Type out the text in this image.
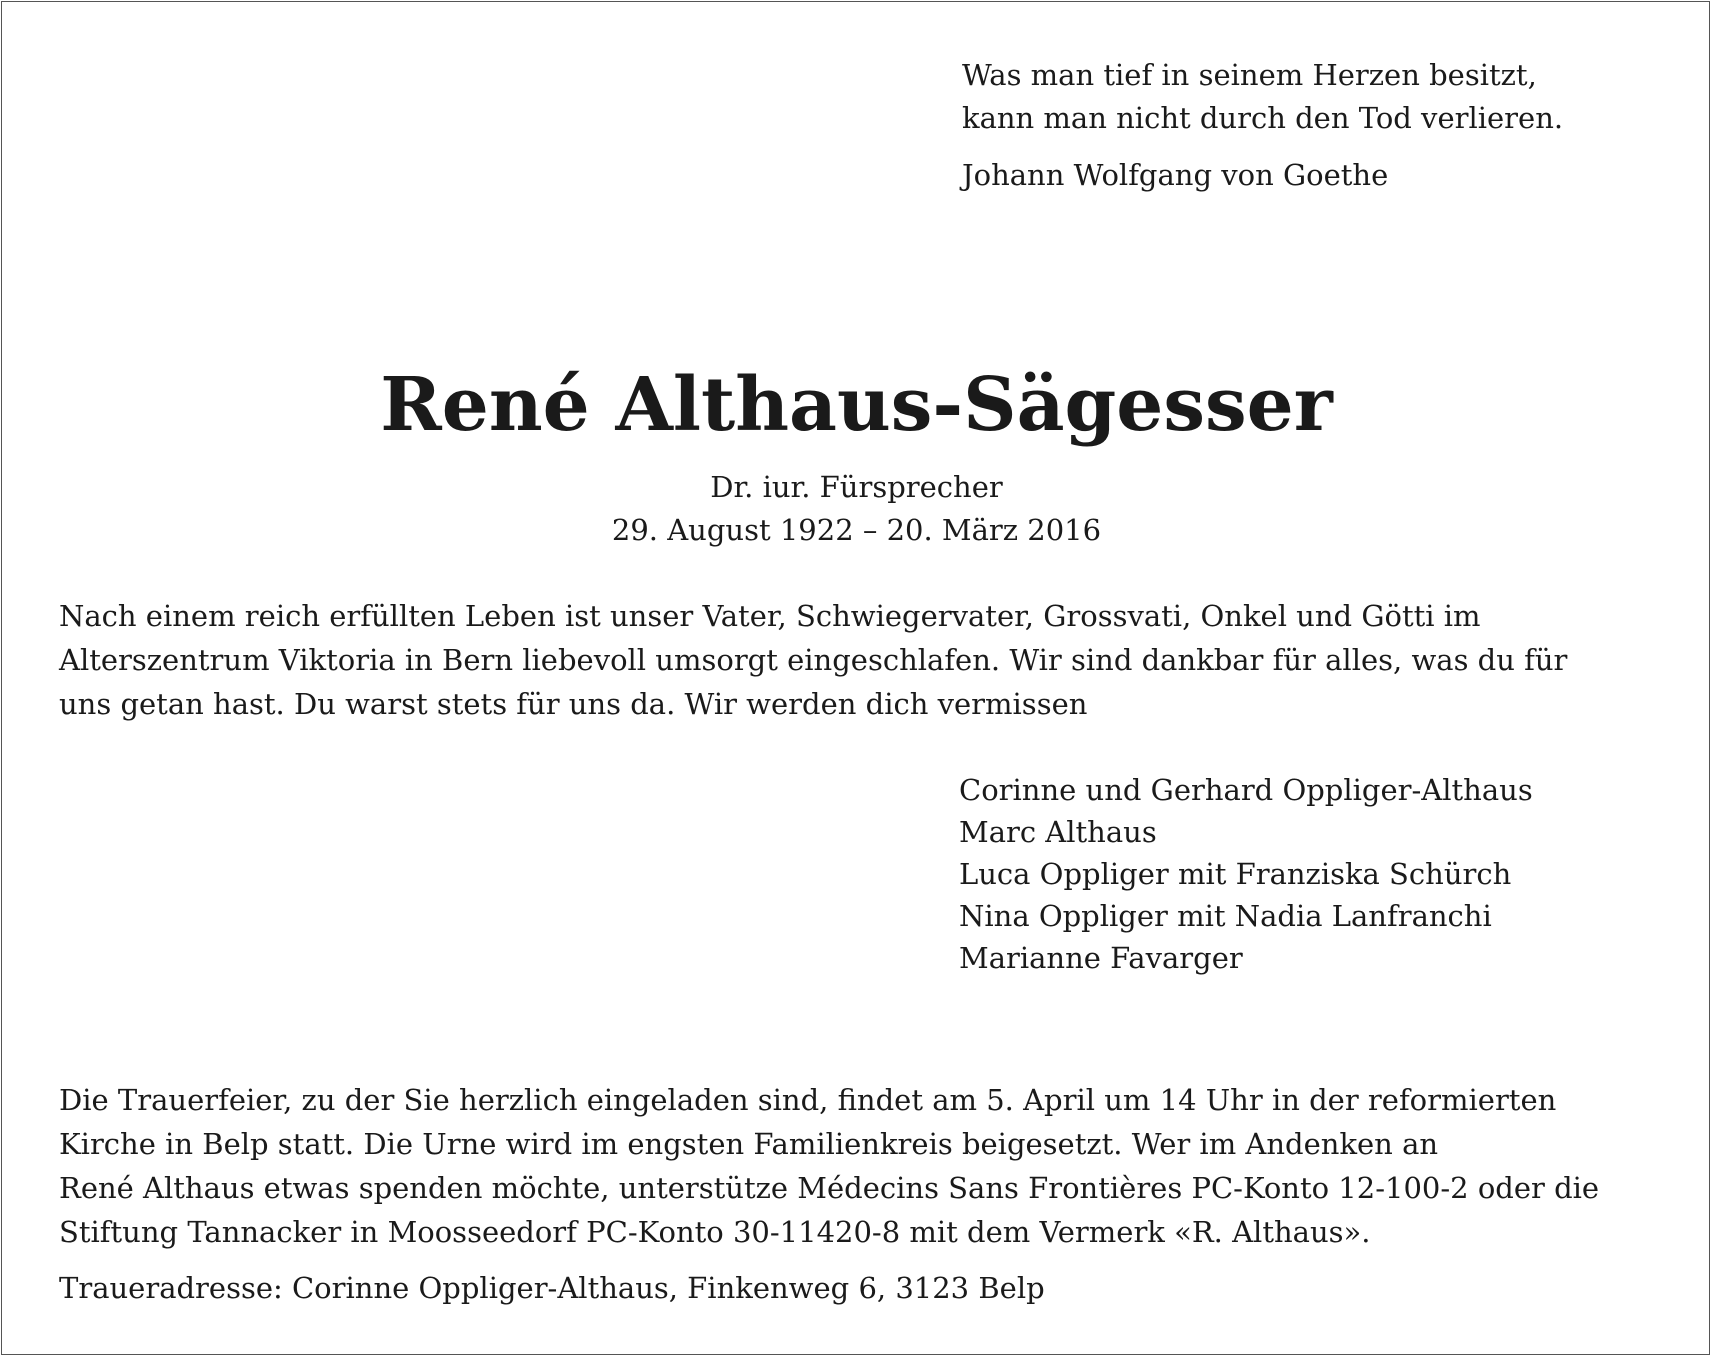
Was man tief in seinem Herzen besitzt,
kann man nicht durch den Tod verlieren.
Johann Wolfgang von Goethe
René Althaus-Sägesser
Dr. iur. Fürsprecher
29. August 1922 – 20. März 2016
Nach einem reich erfüllten Leben ist unser Vater, Schwiegervater, Grossvati, Onkel und Götti im
Alterszentrum Viktoria in Bern liebevoll umsorgt eingeschlafen. Wir sind dankbar für alles, was du für
uns getan hast. Du warst stets für uns da. Wir werden dich vermissen
Corinne und Gerhard Oppliger-Althaus
Marc Althaus
Luca Oppliger mit Franziska Schürch
Nina Oppliger mit Nadia Lanfranchi
Marianne Favarger
Die Trauerfeier, zu der Sie herzlich eingeladen sind, findet am 5. April um 14 Uhr in der reformierten
Kirche in Belp statt. Die Urne wird im engsten Familienkreis beigesetzt. Wer im Andenken an
René Althaus etwas spenden möchte, unterstütze Médecins Sans Frontières PC-Konto 12-100-2 oder die
Stiftung Tannacker in Moosseedorf PC-Konto 30-11420-8 mit dem Vermerk «R. Althaus».
Traueradresse: Corinne Oppliger-Althaus, Finkenweg 6, 3123 Belp
